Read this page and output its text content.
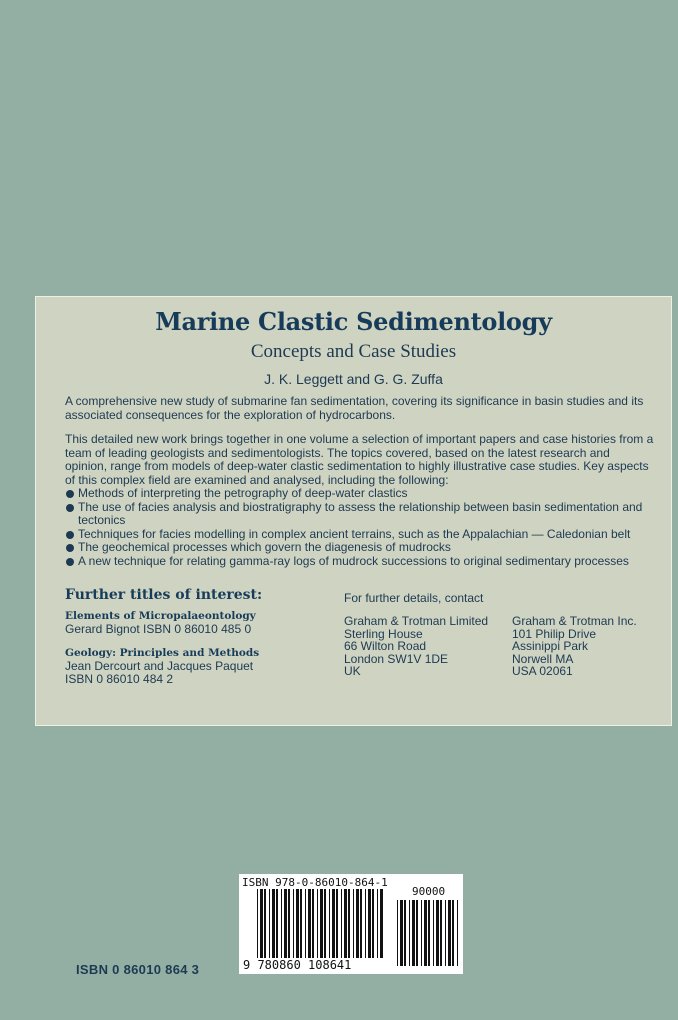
Marine Clastic Sedimentology
Concepts and Case Studies
J. K. Leggett and G. G. Zuffa

A comprehensive new study of submarine fan sedimentation, covering its significance in basin studies and its associated consequences for the exploration of hydrocarbons.

This detailed new work brings together in one volume a selection of important papers and case histories from a team of leading geologists and sedimentologists. The topics covered, based on the latest research and opinion, range from models of deep-water clastic sedimentation to highly illustrative case studies. Key aspects of this complex field are examined and analysed, including the following:

Methods of interpreting the petrography of deep-water clastics
The use of facies analysis and biostratigraphy to assess the relationship between basin sedimentation and tectonics
Techniques for facies modelling in complex ancient terrains, such as the Appalachian — Caledonian belt
The geochemical processes which govern the diagenesis of mudrocks
A new technique for relating gamma-ray logs of mudrock successions to original sedimentary processes
Further titles of interest:
Elements of Micropalaeontology
Gerard Bignot ISBN 0 86010 485 0
Geology: Principles and Methods
Jean Dercourt and Jacques Paquet
ISBN 0 86010 484 2
For further details, contact
Graham & Trotman Limited
Sterling House
66 Wilton Road
London SW1V 1DE
UK
Graham & Trotman Inc.
101 Philip Drive
Assinippi Park
Norwell MA
USA 02061
ISBN 0 86010 864 3
ISBN 978-0-86010-864-1
90000
9 780860 108641
